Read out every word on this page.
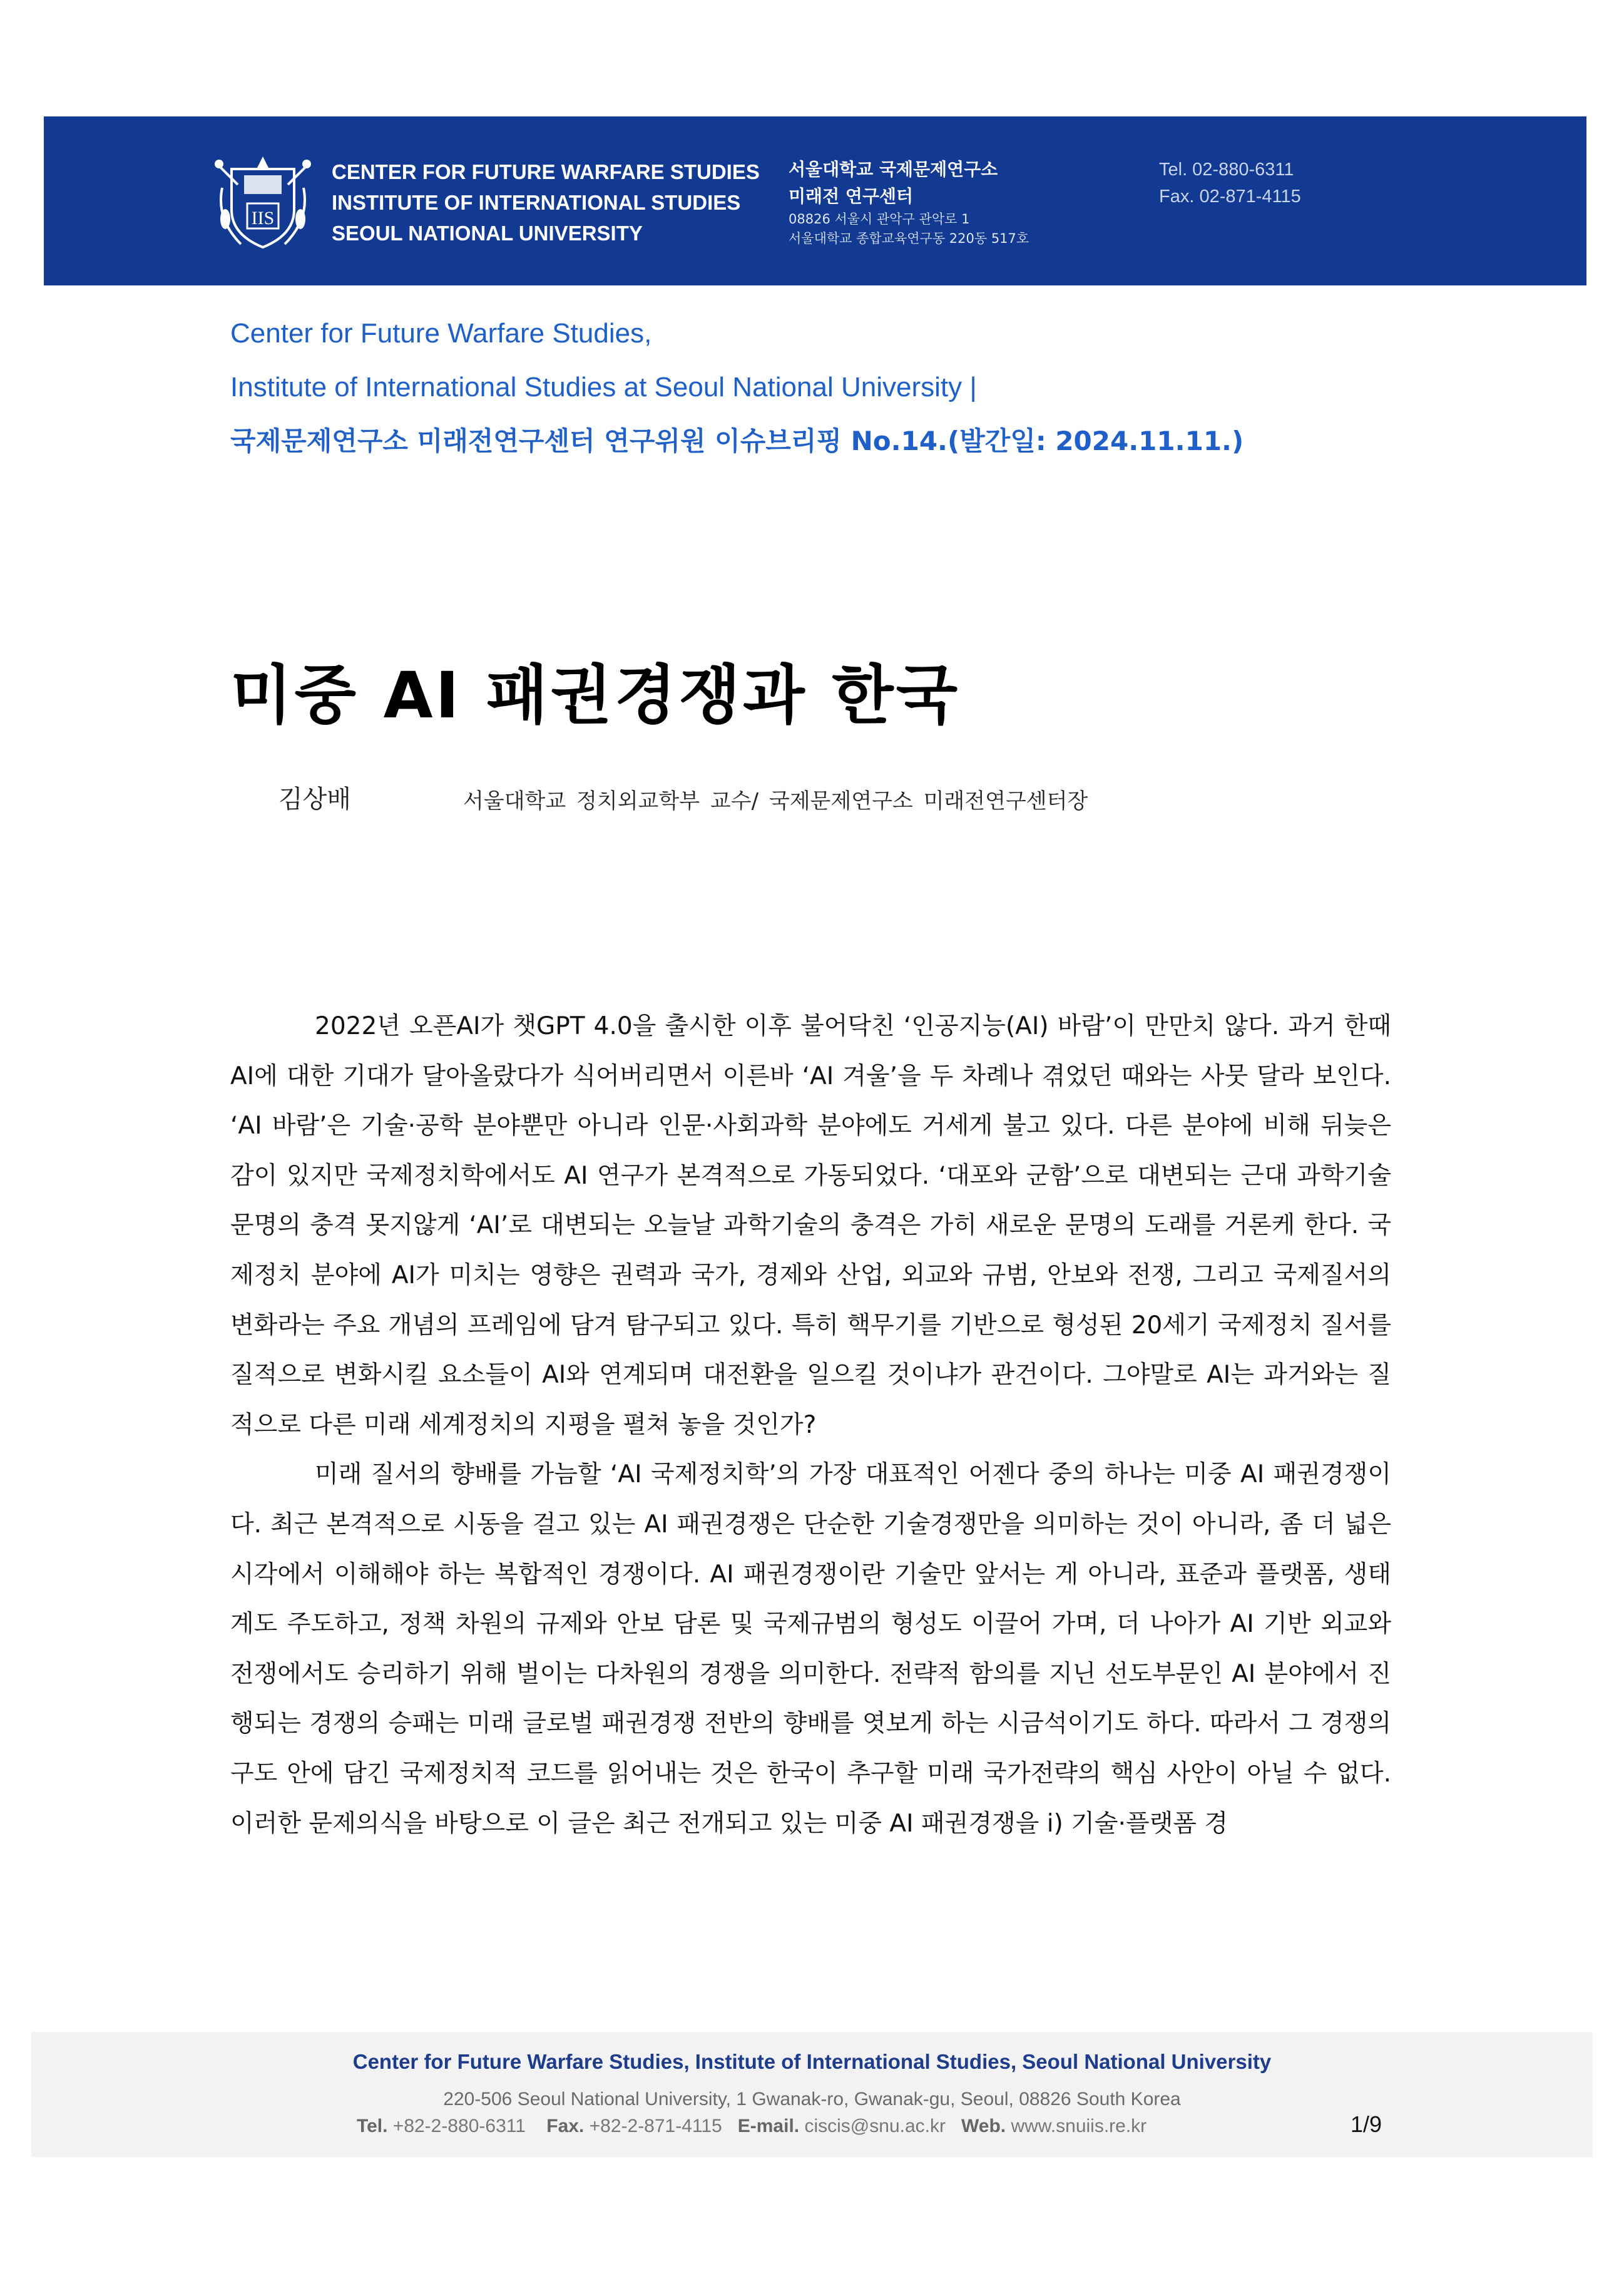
IIS
CENTER FOR FUTURE WARFARE STUDIES
INSTITUTE OF INTERNATIONAL STUDIES
SEOUL NATIONAL UNIVERSITY
서울대학교 국제문제연구소
미래전 연구센터
08826 서울시 관악구 관악로 1
서울대학교 종합교육연구동 220동 517호
Tel. 02-880-6311
Fax. 02-871-4115
Center for Future Warfare Studies,
Institute of International Studies at Seoul National University |
국제문제연구소 미래전연구센터 연구위원 이슈브리핑 No.14.(발간일: 2024.11.11.)
미중 AI 패권경쟁과 한국
김상배	서울대학교 정치외교학부 교수/ 국제문제연구소 미래전연구센터장

2022년 오픈AI가 챗GPT 4.0을 출시한 이후 불어닥친 ‘인공지능(AI) 바람’이 만만치 않다. 과거 한때 AI에 대한 기대가 달아올랐다가 식어버리면서 이른바 ‘AI 겨울’을 두 차례나 겪었던 때와는 사뭇 달라 보인다. ‘AI 바람’은 기술·공학 분야뿐만 아니라 인문·사회과학 분야에도 거세게 불고 있다. 다른 분야에 비해 뒤늦은 감이 있지만 국제정치학에서도 AI 연구가 본격적으로 가동되었다. ‘대포와 군함’으로 대변되는 근대 과학기술 문명의 충격 못지않게 ‘AI’로 대변되는 오늘날 과학기술의 충격은 가히 새로운 문명의 도래를 거론케 한다. 국제정치 분야에 AI가 미치는 영향은 권력과 국가, 경제와 산업, 외교와 규범, 안보와 전쟁, 그리고 국제질서의 변화라는 주요 개념의 프레임에 담겨 탐구되고 있다. 특히 핵무기를 기반으로 형성된 20세기 국제정치 질서를 질적으로 변화시킬 요소들이 AI와 연계되며 대전환을 일으킬 것이냐가 관건이다. 그야말로 AI는 과거와는 질적으로 다른 미래 세계정치의 지평을 펼쳐 놓을 것인가?

미래 질서의 향배를 가늠할 ‘AI 국제정치학’의 가장 대표적인 어젠다 중의 하나는 미중 AI 패권경쟁이다. 최근 본격적으로 시동을 걸고 있는 AI 패권경쟁은 단순한 기술경쟁만을 의미하는 것이 아니라, 좀 더 넓은 시각에서 이해해야 하는 복합적인 경쟁이다. AI 패권경쟁이란 기술만 앞서는 게 아니라, 표준과 플랫폼, 생태계도 주도하고, 정책 차원의 규제와 안보 담론 및 국제규범의 형성도 이끌어 가며, 더 나아가 AI 기반 외교와 전쟁에서도 승리하기 위해 벌이는 다차원의 경쟁을 의미한다. 전략적 함의를 지닌 선도부문인 AI 분야에서 진행되는 경쟁의 승패는 미래 글로벌 패권경쟁 전반의 향배를 엿보게 하는 시금석이기도 하다. 따라서 그 경쟁의 구도 안에 담긴 국제정치적 코드를 읽어내는 것은 한국이 추구할 미래 국가전략의 핵심 사안이 아닐 수 없다. 이러한 문제의식을 바탕으로 이 글은 최근 전개되고 있는 미중 AI 패권경쟁을 i) 기술·플랫폼 경

Center for Future Warfare Studies, Institute of International Studies, Seoul National University
220-506 Seoul National University, 1 Gwanak-ro, Gwanak-gu, Seoul, 08826 South Korea
Tel. +82-2-880-6311 Fax. +82-2-871-4115 E-mail. ciscis@snu.ac.kr Web. www.snuiis.re.kr	1/9
